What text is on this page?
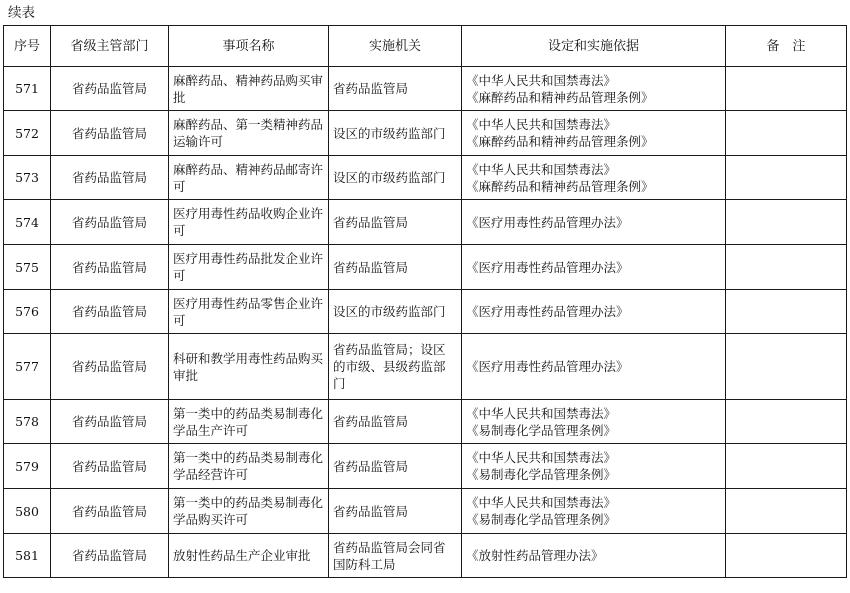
续表
序号	省级主管部门	事项名称	实施机关	设定和实施依据	备　注
571	省药品监管局	麻醉药品、精神药品购买审批	省药品监管局	《中华人民共和国禁毒法》
《麻醉药品和精神药品管理条例》	

572	省药品监管局	麻醉药品、第一类精神药品运输许可	设区的市级药监部门	《中华人民共和国禁毒法》
《麻醉药品和精神药品管理条例》	

573	省药品监管局	麻醉药品、精神药品邮寄许可	设区的市级药监部门	《中华人民共和国禁毒法》
《麻醉药品和精神药品管理条例》	

574	省药品监管局	医疗用毒性药品收购企业许可	省药品监管局	《医疗用毒性药品管理办法》	

575	省药品监管局	医疗用毒性药品批发企业许可	省药品监管局	《医疗用毒性药品管理办法》	

576	省药品监管局	医疗用毒性药品零售企业许可	设区的市级药监部门	《医疗用毒性药品管理办法》	

577	省药品监管局	科研和教学用毒性药品购买审批	省药品监管局；设区的市级、县级药监部门	《医疗用毒性药品管理办法》	

578	省药品监管局	第一类中的药品类易制毒化学品生产许可	省药品监管局	《中华人民共和国禁毒法》
《易制毒化学品管理条例》	

579	省药品监管局	第一类中的药品类易制毒化学品经营许可	省药品监管局	《中华人民共和国禁毒法》
《易制毒化学品管理条例》	

580	省药品监管局	第一类中的药品类易制毒化学品购买许可	省药品监管局	《中华人民共和国禁毒法》
《易制毒化学品管理条例》	

581	省药品监管局	放射性药品生产企业审批	省药品监管局会同省国防科工局	《放射性药品管理办法》	
